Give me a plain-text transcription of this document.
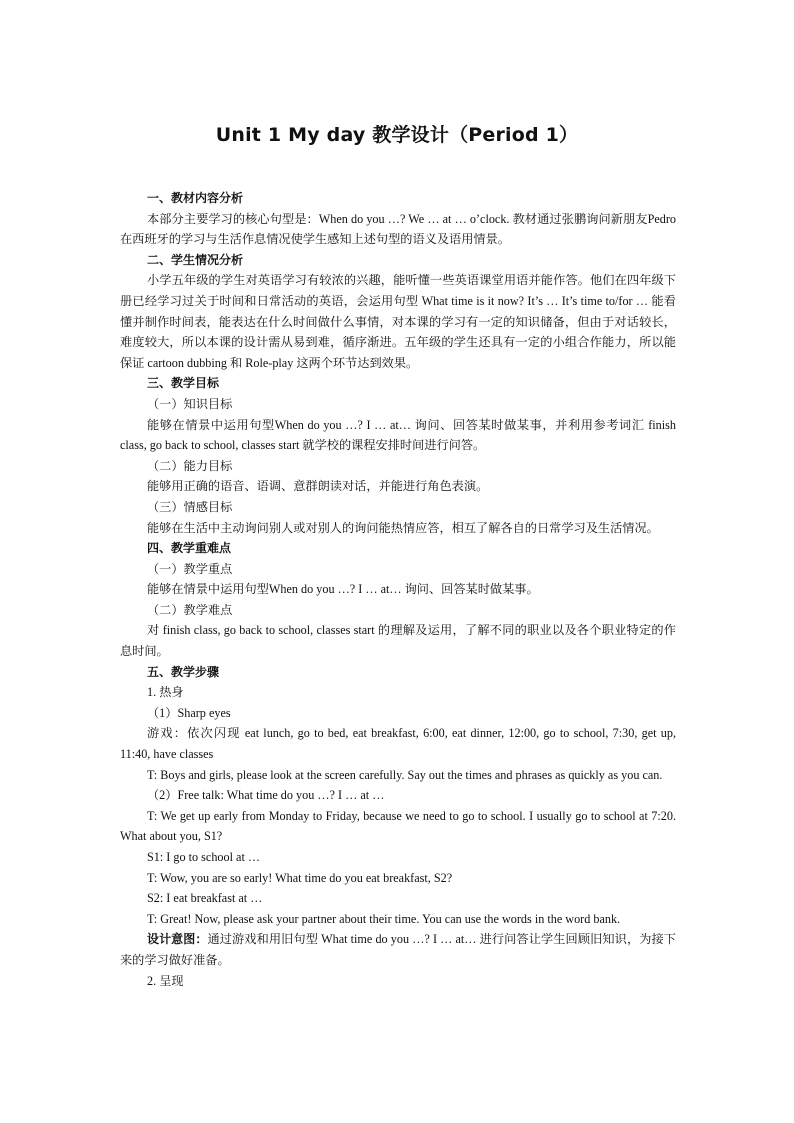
Unit 1 My day 教学设计（Period 1）

一、教材内容分析

本部分主要学习的核心句型是：When do you …? We … at … o’clock. 教材通过张鹏询问新朋友Pedro在西班牙的学习与生活作息情况使学生感知上述句型的语义及语用情景。

二、学生情况分析

小学五年级的学生对英语学习有较浓的兴趣，能听懂一些英语课堂用语并能作答。他们在四年级下册已经学习过关于时间和日常活动的英语，会运用句型 What time is it now? It’s … It’s time to/for … 能看懂并制作时间表，能表达在什么时间做什么事情，对本课的学习有一定的知识储备，但由于对话较长，难度较大，所以本课的设计需从易到难，循序渐进。五年级的学生还具有一定的小组合作能力，所以能保证 cartoon dubbing 和 Role-play 这两个环节达到效果。

三、教学目标

（一）知识目标

能够在情景中运用句型When do you …? I … at… 询问、回答某时做某事，并利用参考词汇 finish class, go back to school, classes start 就学校的课程安排时间进行问答。

（二）能力目标

能够用正确的语音、语调、意群朗读对话，并能进行角色表演。

（三）情感目标

能够在生活中主动询问别人或对别人的询问能热情应答，相互了解各自的日常学习及生活情况。

四、教学重难点

（一）教学重点

能够在情景中运用句型When do you …? I … at… 询问、回答某时做某事。

（二）教学难点

对 finish class, go back to school, classes start 的理解及运用，了解不同的职业以及各个职业特定的作息时间。

五、教学步骤

1. 热身

（1）Sharp eyes

游戏：依次闪现 eat lunch, go to bed, eat breakfast, 6:00, eat dinner, 12:00, go to school, 7:30, get up, 11:40, have classes

T: Boys and girls, please look at the screen carefully. Say out the times and phrases as quickly as you can.

（2）Free talk: What time do you …? I … at …

T: We get up early from Monday to Friday, because we need to go to school. I usually go to school at 7:20. What about you, S1?

S1: I go to school at …

T: Wow, you are so early! What time do you eat breakfast, S2?

S2: I eat breakfast at …

T: Great! Now, please ask your partner about their time. You can use the words in the word bank.

设计意图：通过游戏和用旧句型 What time do you …? I … at… 进行问答让学生回顾旧知识，为接下来的学习做好准备。

2. 呈现
